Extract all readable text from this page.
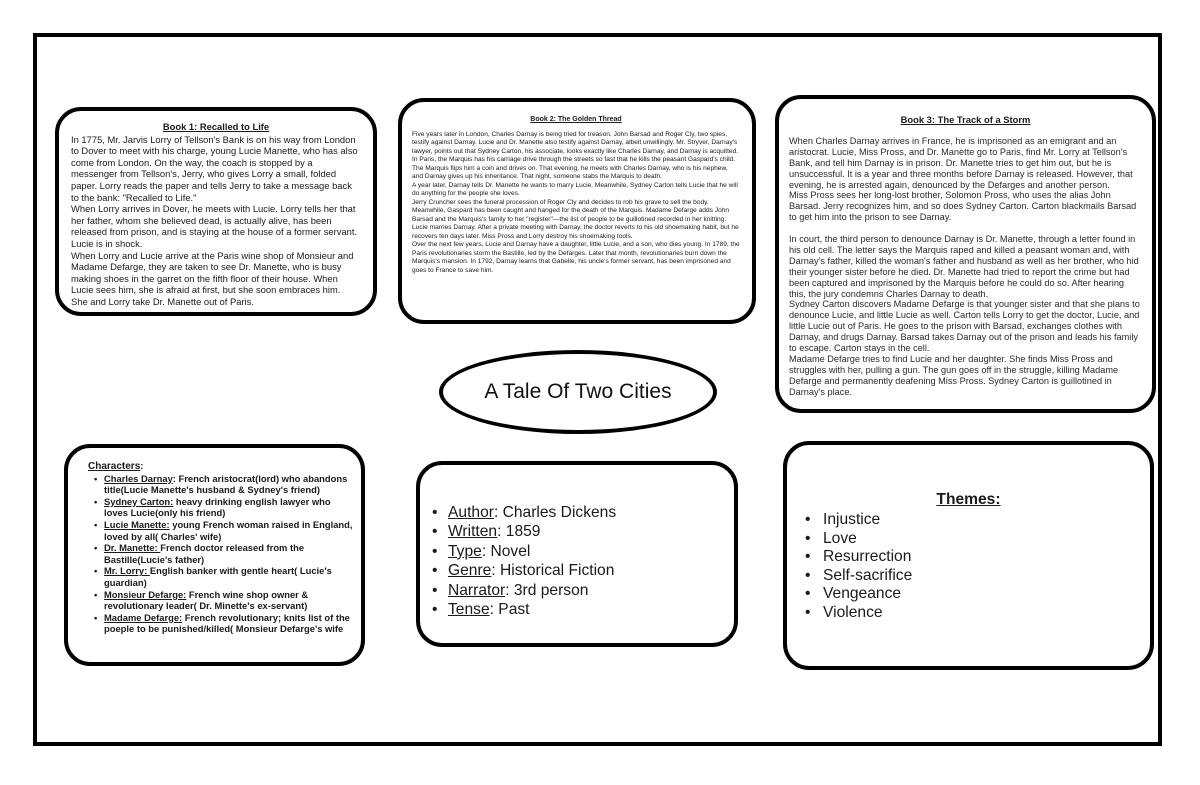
Book 1: Recalled to Life

In 1775, Mr. Jarvis Lorry of Tellson's Bank is on his way from London to Dover to meet with his charge, young Lucie Manette, who has also come from London. On the way, the coach is stopped by a messenger from Tellson's, Jerry, who gives Lorry a small, folded paper. Lorry reads the paper and tells Jerry to take a message back to the bank: "Recalled to Life."

When Lorry arrives in Dover, he meets with Lucie. Lorry tells her that her father, whom she believed dead, is actually alive, has been released from prison, and is staying at the house of a former servant. Lucie is in shock.

When Lorry and Lucie arrive at the Paris wine shop of Monsieur and Madame Defarge, they are taken to see Dr. Manette, who is busy making shoes in the garret on the fifth floor of their house. When Lucie sees him, she is afraid at first, but she soon embraces him.

She and Lorry take Dr. Manette out of Paris.

Book 2: The Golden Thread

Five years later in London, Charles Darnay is being tried for treason. John Barsad and Roger Cly, two spies, testify against Darnay. Lucie and Dr. Manette also testify against Darnay, albeit unwillingly. Mr. Stryver, Darnay's lawyer, points out that Sydney Carton, his associate, looks exactly like Charles Darnay, and Darnay is acquitted.

In Paris, the Marquis has his carriage drive through the streets so fast that he kills the peasant Gaspard's child. The Marquis flips him a coin and drives on. That evening, he meets with Charles Darnay, who is his nephew, and Darnay gives up his inheritance. That night, someone stabs the Marquis to death.

A year later, Darnay tells Dr. Manette he wants to marry Lucie. Meanwhile, Sydney Carton tells Lucie that he will do anything for the people she loves.

Jerry Cruncher sees the funeral procession of Roger Cly and decides to rob his grave to sell the body. Meanwhile, Gaspard has been caught and hanged for the death of the Marquis. Madame Defarge adds John Barsad and the Marquis's family to her "register"—the list of people to be guillotined recorded in her knitting.

Lucie marries Darnay. After a private meeting with Darnay, the doctor reverts to his old shoemaking habit, but he recovers ten days later. Miss Pross and Lorry destroy his shoemaking tools.

Over the next few years, Lucie and Darnay have a daughter, little Lucie, and a son, who dies young. In 1789, the Paris revolutionaries storm the Bastille, led by the Defarges. Later that month, revolutionaries burn down the Marquis's mansion. In 1792, Darnay learns that Gabelle, his uncle's former servant, has been imprisoned and goes to France to save him.

Book 3: The Track of a Storm

When Charles Darnay arrives in France, he is imprisoned as an emigrant and an aristocrat. Lucie, Miss Pross, and Dr. Manette go to Paris, find Mr. Lorry at Tellson's Bank, and tell him Darnay is in prison. Dr. Manette tries to get him out, but he is unsuccessful. It is a year and three months before Darnay is released. However, that evening, he is arrested again, denounced by the Defarges and another person.

Miss Pross sees her long-lost brother, Solomon Pross, who uses the alias John Barsad. Jerry recognizes him, and so does Sydney Carton. Carton blackmails Barsad to get him into the prison to see Darnay.

In court, the third person to denounce Darnay is Dr. Manette, through a letter found in his old cell. The letter says the Marquis raped and killed a peasant woman and, with Darnay's father, killed the woman's father and husband as well as her brother, who hid their younger sister before he died. Dr. Manette had tried to report the crime but had been captured and imprisoned by the Marquis before he could do so. After hearing this, the jury condemns Charles Darnay to death.

Sydney Carton discovers Madame Defarge is that younger sister and that she plans to denounce Lucie, and little Lucie as well. Carton tells Lorry to get the doctor, Lucie, and little Lucie out of Paris. He goes to the prison with Barsad, exchanges clothes with Darnay, and drugs Darnay. Barsad takes Darnay out of the prison and leads his family to escape. Carton stays in the cell.

Madame Defarge tries to find Lucie and her daughter. She finds Miss Pross and struggles with her, pulling a gun. The gun goes off in the struggle, killing Madame Defarge and permanently deafening Miss Pross. Sydney Carton is guillotined in Darnay's place.

A Tale Of Two Cities
Characters:
• Charles Darnay: French aristocrat(lord) who abandons title(Lucie Manette's husband & Sydney's friend)
• Sydney Carton: heavy drinking english lawyer who loves Lucie(only his friend)
• Lucie Manette: young French woman raised in England, loved by all( Charles' wife)
• Dr. Manette: French doctor released from the Bastille(Lucie's father)
• Mr. Lorry: English banker with gentle heart( Lucie's guardian)
• Monsieur Defarge: French wine shop owner & revolutionary leader( Dr. Minette's ex-servant)
• Madame Defarge: French revolutionary; knits list of the poeple to be punished/killed( Monsieur Defarge's wife
• Author: Charles Dickens
• Written: 1859
• Type: Novel
• Genre: Historical Fiction
• Narrator: 3rd person
• Tense: Past
Themes:
• Injustice
• Love
• Resurrection
• Self-sacrifice
• Vengeance
• Violence
